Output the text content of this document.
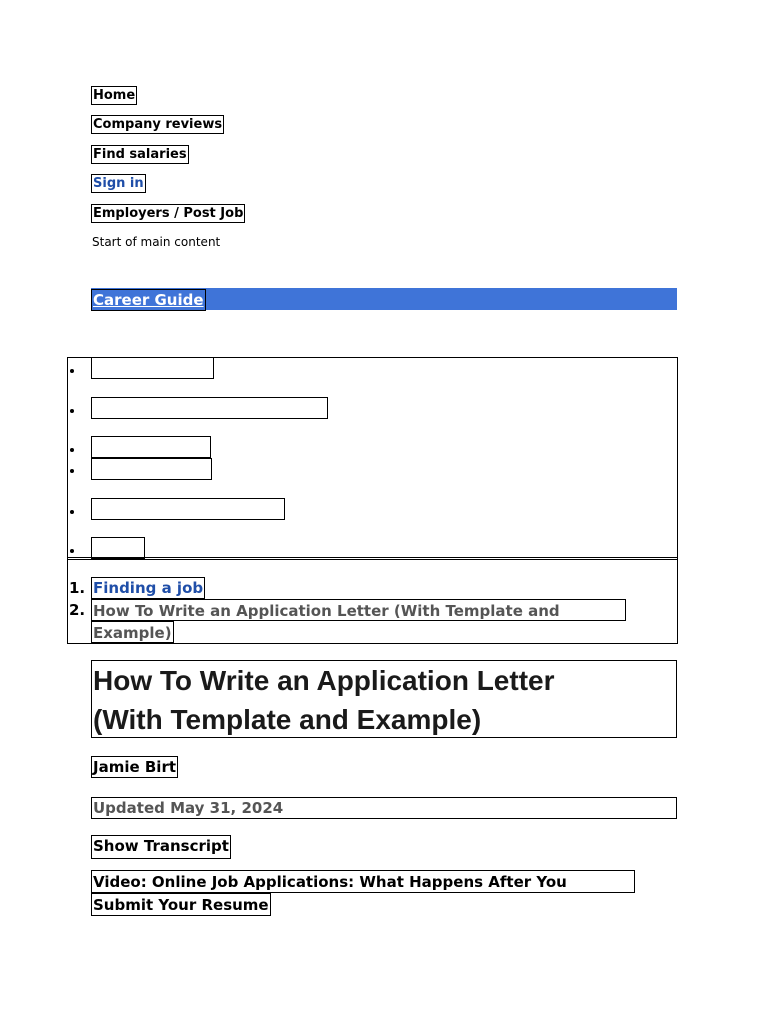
Home
Company reviews
Find salaries
Sign in
Employers / Post Job
Start of main content
Career Guide
1. Finding a job
2. How To Write an Application Letter (With Template and
Example)
How To Write an Application Letter
(With Template and Example)
Jamie Birt
Updated May 31, 2024
Show Transcript
Video: Online Job Applications: What Happens After You
Submit Your Resume
